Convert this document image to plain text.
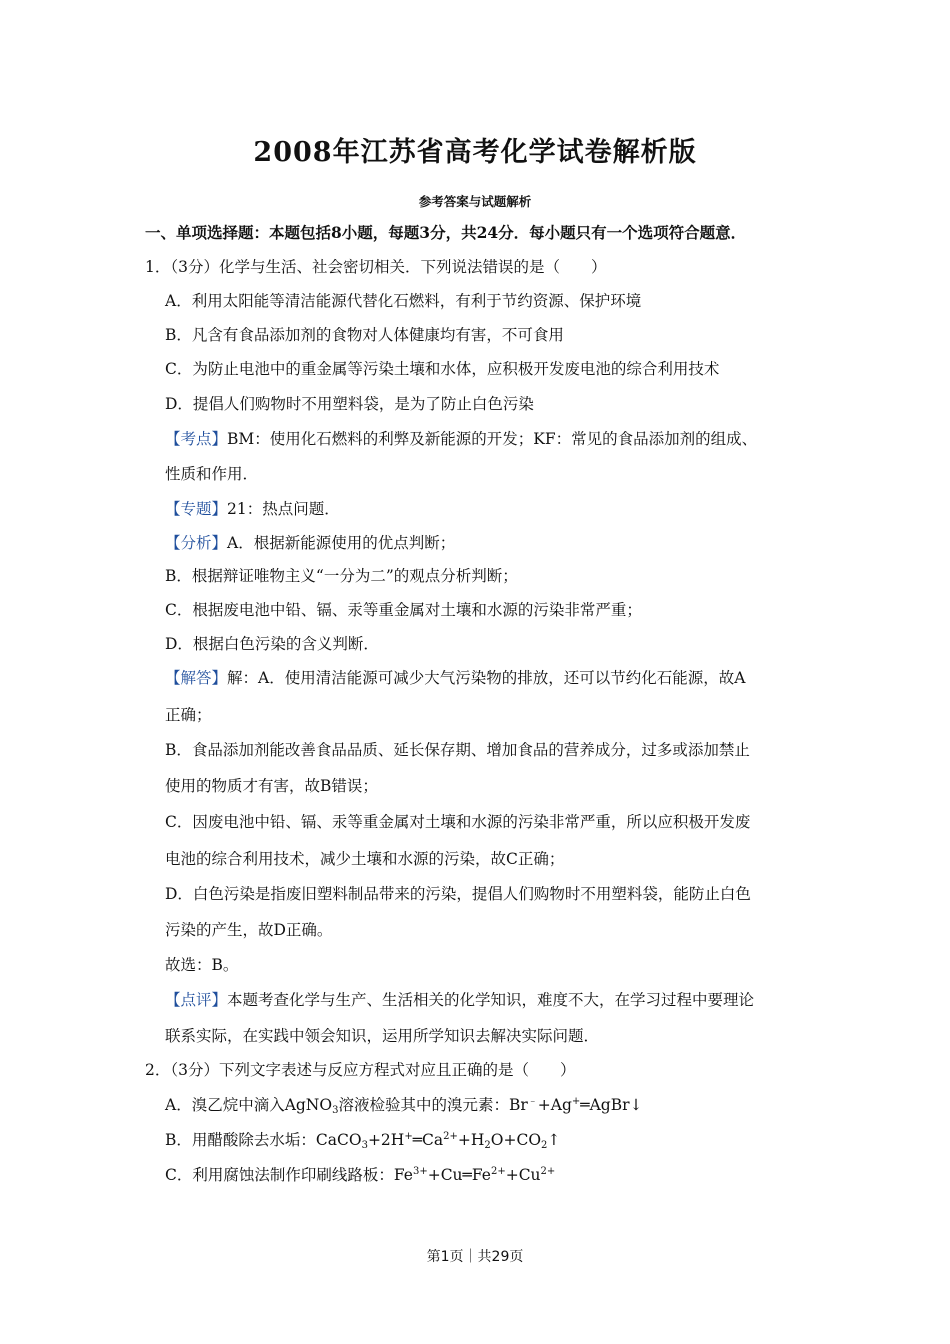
2008年江苏省高考化学试卷解析版
参考答案与试题解析
一、单项选择题：本题包括8小题，每题3分，共24分．每小题只有一个选项符合题意．
1．（3分）化学与生活、社会密切相关．下列说法错误的是（　　）
A．利用太阳能等清洁能源代替化石燃料，有利于节约资源、保护环境
B．凡含有食品添加剂的食物对人体健康均有害，不可食用
C．为防止电池中的重金属等污染土壤和水体，应积极开发废电池的综合利用技术
D．提倡人们购物时不用塑料袋，是为了防止白色污染
【考点】BM：使用化石燃料的利弊及新能源的开发；KF：常见的食品添加剂的组成、
性质和作用．
【专题】21：热点问题．
【分析】A．根据新能源使用的优点判断；
B．根据辩证唯物主义“一分为二”的观点分析判断；
C．根据废电池中铅、镉、汞等重金属对土壤和水源的污染非常严重；
D．根据白色污染的含义判断．
【解答】解：A．使用清洁能源可减少大气污染物的排放，还可以节约化石能源，故A
正确；
B．食品添加剂能改善食品品质、延长保存期、增加食品的营养成分，过多或添加禁止
使用的物质才有害，故B错误；
C．因废电池中铅、镉、汞等重金属对土壤和水源的污染非常严重，所以应积极开发废
电池的综合利用技术，减少土壤和水源的污染，故C正确；
D．白色污染是指废旧塑料制品带来的污染，提倡人们购物时不用塑料袋，能防止白色
污染的产生，故D正确。
故选：B。
【点评】本题考查化学与生产、生活相关的化学知识，难度不大，在学习过程中要理论
联系实际，在实践中领会知识，运用所学知识去解决实际问题．
2．（3分）下列文字表述与反应方程式对应且正确的是（　　）
A．溴乙烷中滴入AgNO$_3$溶液检验其中的溴元素：Br﹣+Ag+═AgBr↓
B．用醋酸除去水垢：$CaCO_3+2H^+═Ca^{2+}+H_2O+CO_2↑$
C．利用腐蚀法制作印刷线路板：$Fe^{3+}+Cu═Fe^{2+}+Cu^{2+}$
第1页｜共29页
